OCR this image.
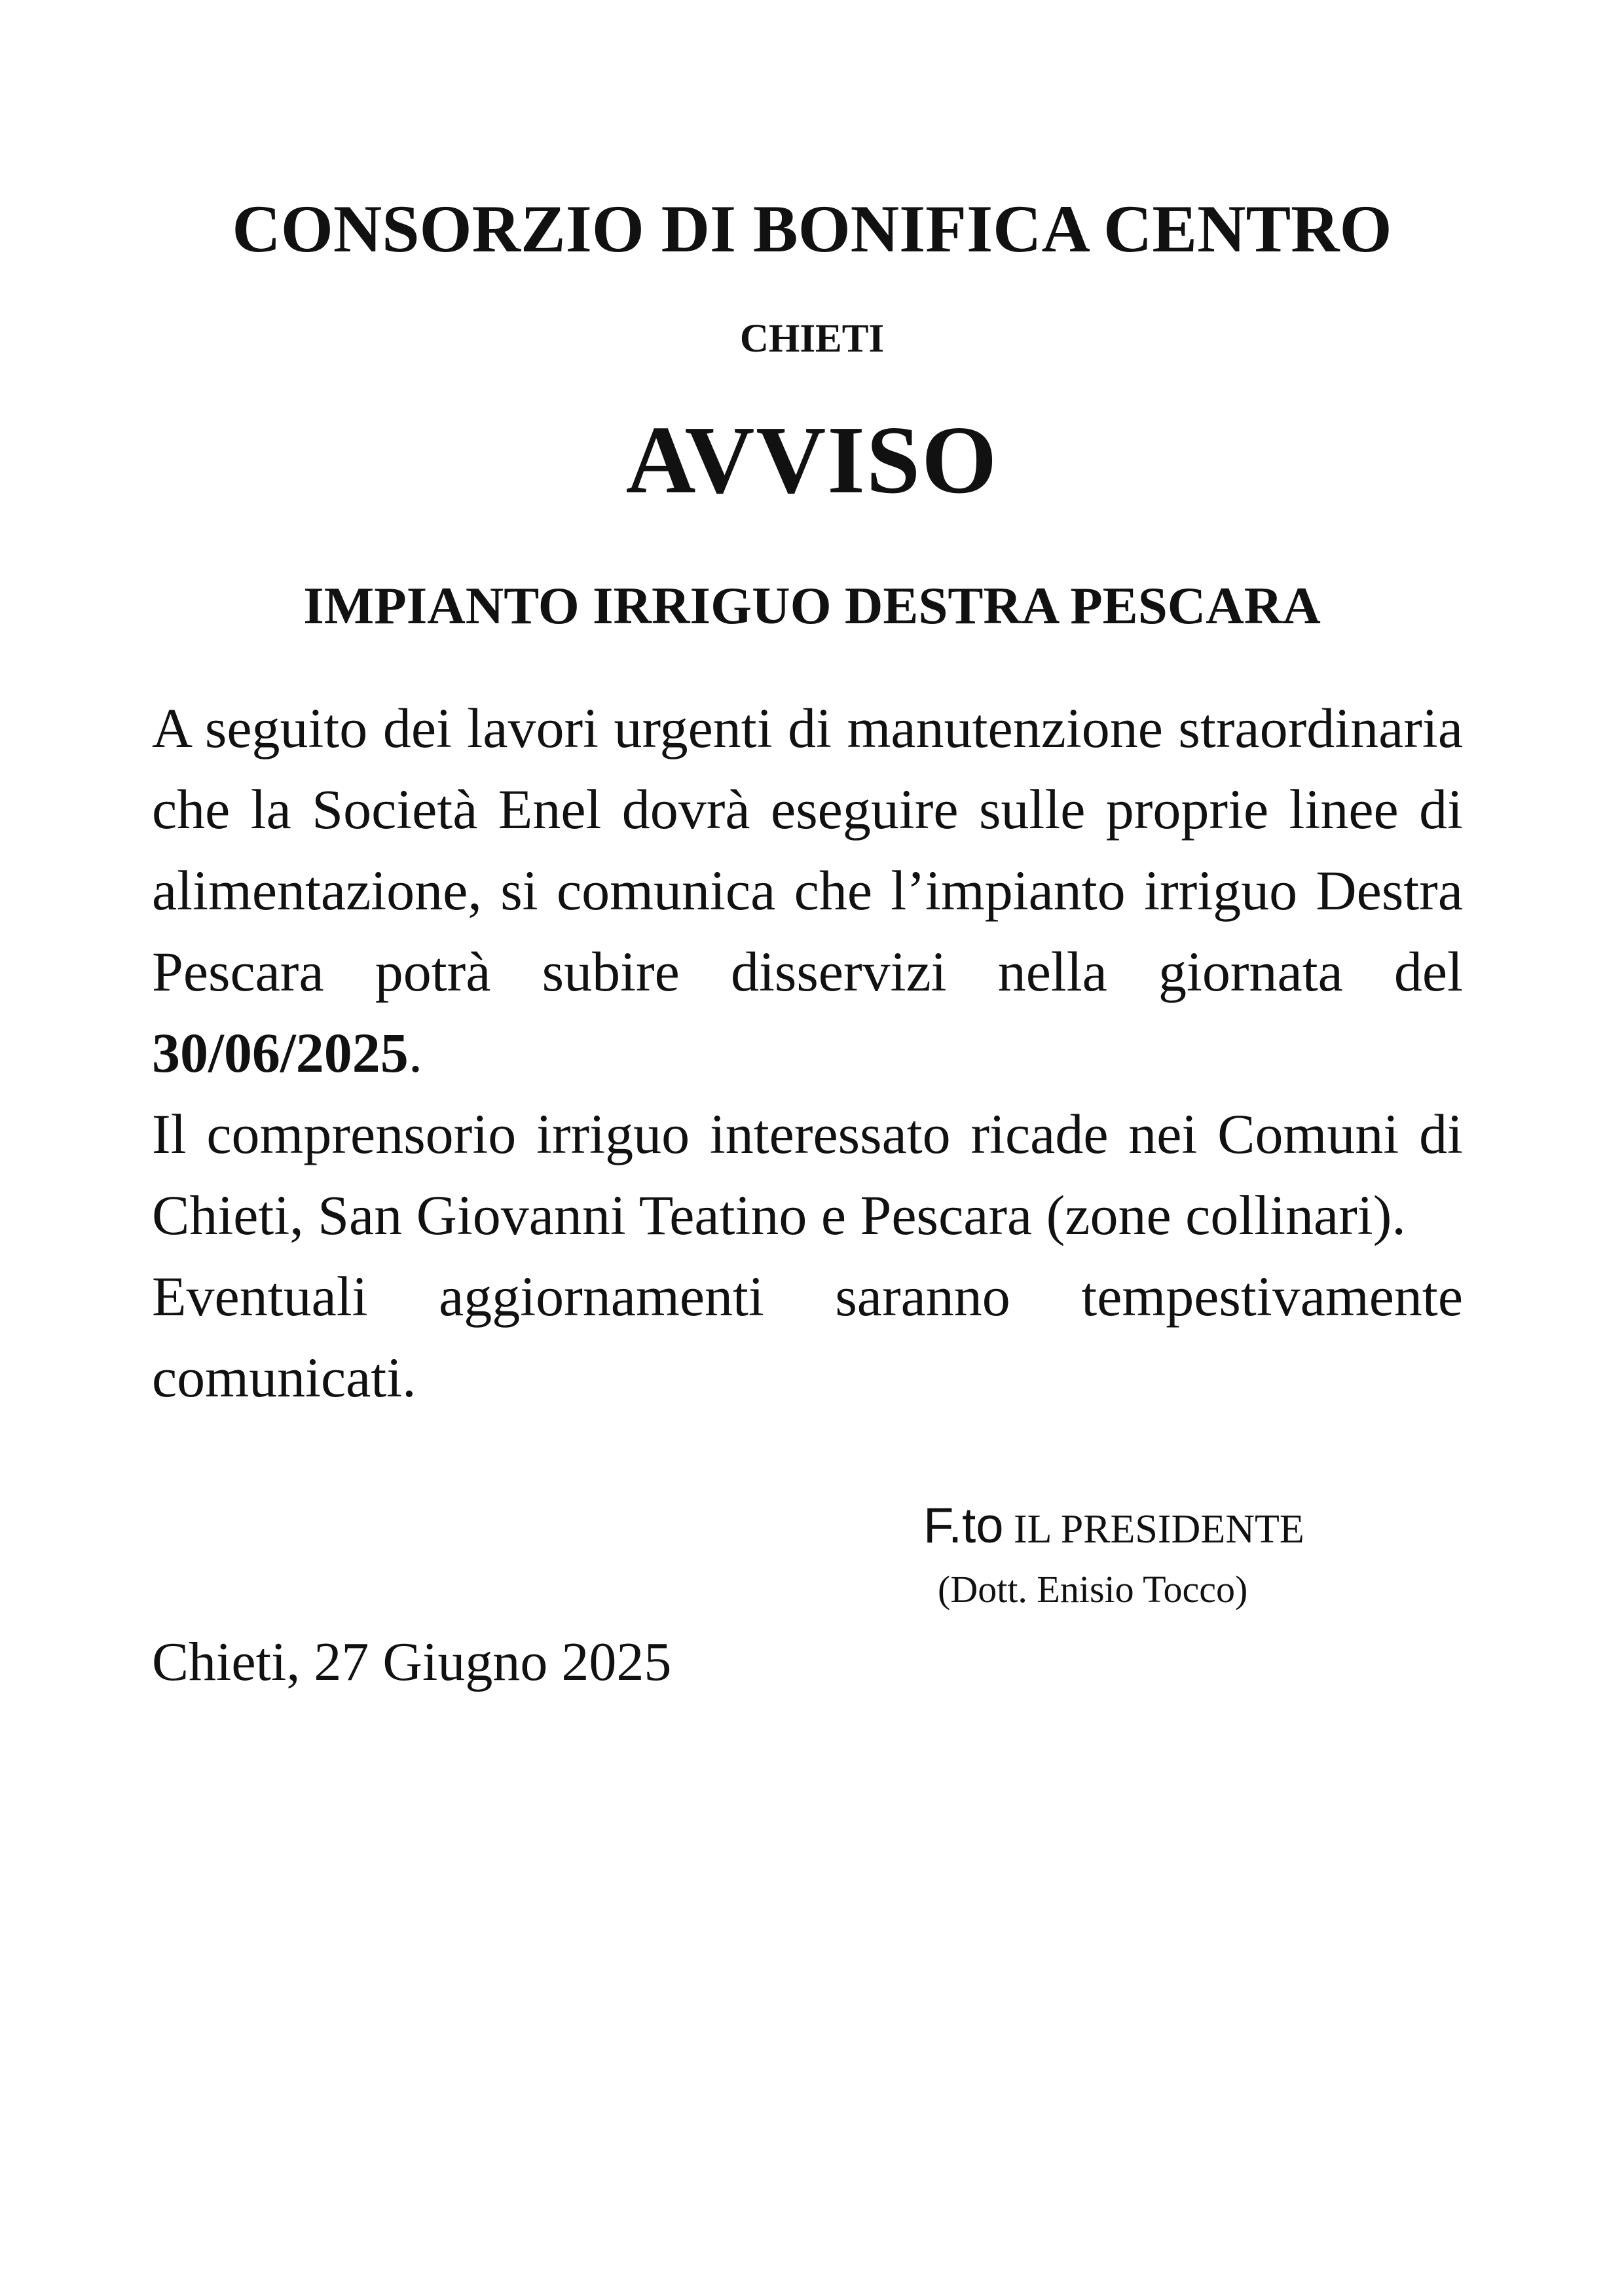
CONSORZIO DI BONIFICA CENTRO
CHIETI
AVVISO
IMPIANTO IRRIGUO DESTRA PESCARA

A seguito dei lavori urgenti di manutenzione straordinaria che la Società Enel dovrà eseguire sulle proprie linee di alimentazione, si comunica che l’impianto irriguo Destra Pescara potrà subire disservizi nella giornata del 30/06/2025.

Il comprensorio irriguo interessato ricade nei Comuni di Chieti, San Giovanni Teatino e Pescara (zone collinari).

Eventuali aggiornamenti saranno tempestivamente comunicati.

F.to IL PRESIDENTE
(Dott. Enisio Tocco)
Chieti, 27 Giugno 2025
